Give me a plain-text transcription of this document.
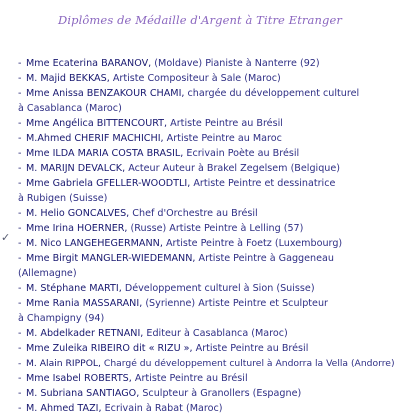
Diplômes de Médaille d'Argent à Titre Etranger
- Mme Ecaterina BARANOV, (Moldave) Pianiste à Nanterre (92)
- M. Majid BEKKAS, Artiste Compositeur à Sale (Maroc)
- Mme Anissa BENZAKOUR CHAMI, chargée du développement culturel
à Casablanca (Maroc)
- Mme Angélica BITTENCOURT, Artiste Peintre au Brésil
- M.Ahmed CHERIF MACHICHI, Artiste Peintre au Maroc
- Mme ILDA MARIA COSTA BRASIL, Ecrivain Poète au Brésil
- M. MARIJN DEVALCK, Acteur Auteur à Brakel Zegelsem (Belgique)
- Mme Gabriela GFELLER-WOODTLI, Artiste Peintre et dessinatrice
à Rubigen (Suisse)
- M. Helio GONCALVES, Chef d'Orchestre au Brésil
- Mme Irina HOERNER, (Russe) Artiste Peintre à Lelling (57)
✓ - M. Nico LANGEHEGERMANN, Artiste Peintre à Foetz (Luxembourg)
- Mme Birgit MANGLER-WIEDEMANN, Artiste Peintre à Gaggeneau
(Allemagne)
- M. Stéphane MARTI, Développement culturel à Sion (Suisse)
- Mme Rania MASSARANI, (Syrienne) Artiste Peintre et Sculpteur
à Champigny (94)
- M. Abdelkader RETNANI, Editeur à Casablanca (Maroc)
- Mme Zuleika RIBEIRO dit « RIZU », Artiste Peintre au Brésil
- M. Alain RIPPOL, Chargé du développement culturel à Andorra la Vella (Andorre)
- Mme Isabel ROBERTS, Artiste Peintre au Brésil
- M. Subriana SANTIAGO, Sculpteur à Granollers (Espagne)
- M. Ahmed TAZI, Ecrivain à Rabat (Maroc)
